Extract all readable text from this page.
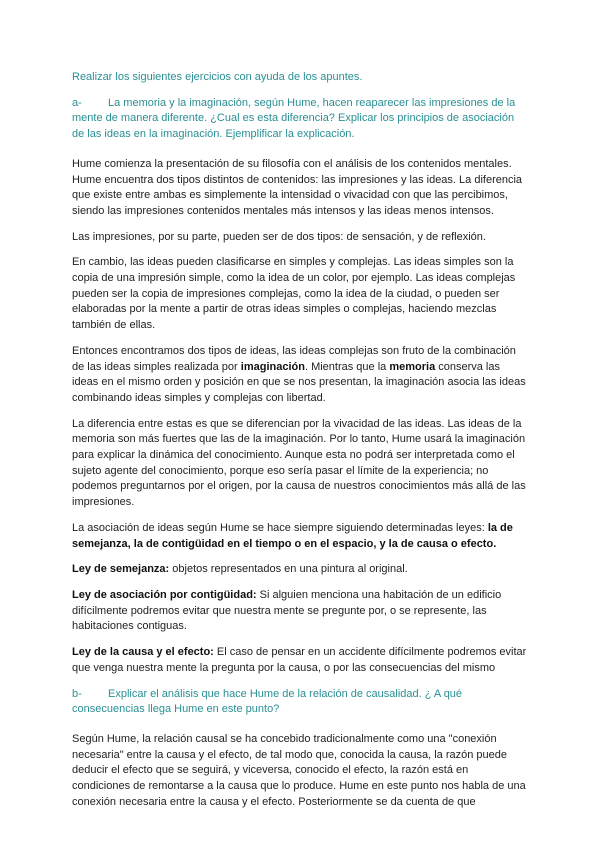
Realizar los siguientes ejercicios con ayuda de los apuntes.

a- La memoria y la imaginación, según Hume, hacen reaparecer las impresiones de la mente de manera diferente. ¿Cual es esta diferencia? Explicar los principios de asociación de las ideas en la imaginación. Ejemplificar la explicación.

Hume comienza la presentación de su filosofía con el análisis de los contenidos mentales. Hume encuentra dos tipos distintos de contenidos: las impresiones y las ideas. La diferencia que existe entre ambas es simplemente la intensidad o vivacidad con que las percibimos, siendo las impresiones contenidos mentales más intensos y las ideas menos intensos.

Las impresiones, por su parte, pueden ser de dos tipos: de sensación, y de reflexión.

En cambio, las ideas pueden clasificarse en simples y complejas. Las ideas simples son la copia de una impresión simple, como la idea de un color, por ejemplo. Las ideas complejas pueden ser la copia de impresiones complejas, como la idea de la ciudad, o pueden ser elaboradas por la mente a partir de otras ideas simples o complejas, haciendo mezclas también de ellas.

Entonces encontramos dos tipos de ideas, las ideas complejas son fruto de la combinación de las ideas simples realizada por imaginación. Mientras que la memoria conserva las ideas en el mismo orden y posición en que se nos presentan, la imaginación asocia las ideas combinando ideas simples y complejas con libertad.

La diferencia entre estas es que se diferencian por la vivacidad de las ideas. Las ideas de la memoria son más fuertes que las de la imaginación. Por lo tanto, Hume usará la imaginación para explicar la dinámica del conocimiento. Aunque esta no podrá ser interpretada como el sujeto agente del conocimiento, porque eso sería pasar el límite de la experiencia; no podemos preguntarnos por el origen, por la causa de nuestros conocimientos más allá de las impresiones.

La asociación de ideas según Hume se hace siempre siguiendo determinadas leyes: la de semejanza, la de contigüidad en el tiempo o en el espacio, y la de causa o efecto.

Ley de semejanza: objetos representados en una pintura al original.

Ley de asociación por contigüidad: Si alguien menciona una habitación de un edificio difícilmente podremos evitar que nuestra mente se pregunte por, o se represente, las habitaciones contiguas.

Ley de la causa y el efecto: El caso de pensar en un accidente difícilmente podremos evitar que venga nuestra mente la pregunta por la causa, o por las consecuencias del mismo

b- Explicar el análisis que hace Hume de la relación de causalidad. ¿ A qué consecuencias llega Hume en este punto?

Según Hume, la relación causal se ha concebido tradicionalmente como una "conexión necesaria" entre la causa y el efecto, de tal modo que, conocida la causa, la razón puede deducir el efecto que se seguirá, y viceversa, conocido el efecto, la razón está en condiciones de remontarse a la causa que lo produce. Hume en este punto nos habla de una conexión necesaria entre la causa y el efecto. Posteriormente se da cuenta de que
